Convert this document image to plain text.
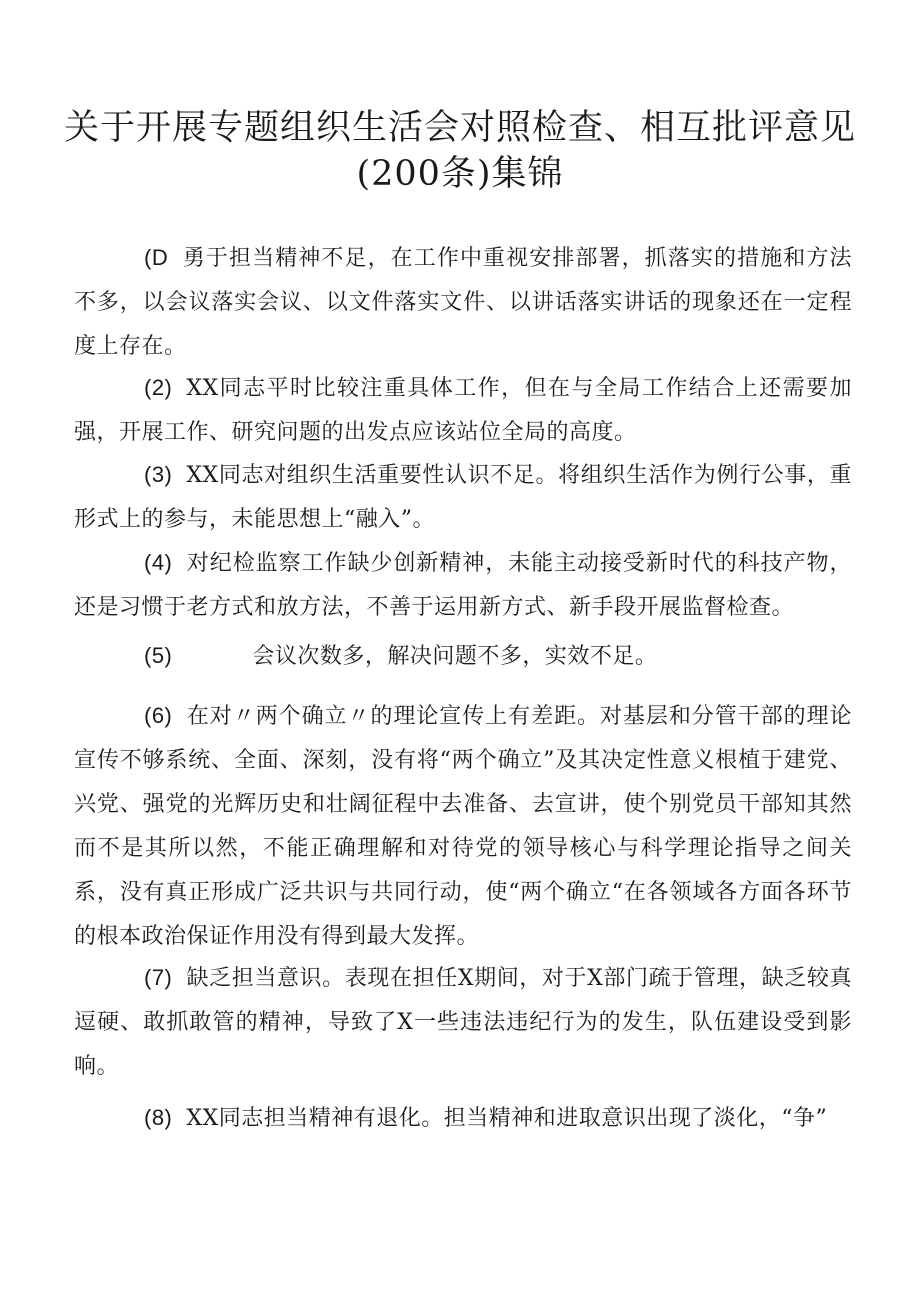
关于开展专题组织生活会对照检查、相互批评意见
(200条)集锦

(D 勇于担当精神不足，在工作中重视安排部署，抓落实的措施和方法不多，以会议落实会议、以文件落实文件、以讲话落实讲话的现象还在一定程度上存在。

(2) XX同志平时比较注重具体工作，但在与全局工作结合上还需要加强，开展工作、研究问题的出发点应该站位全局的高度。

(3) XX同志对组织生活重要性认识不足。将组织生活作为例行公事，重形式上的参与，未能思想上“融入”。

(4) 对纪检监察工作缺少创新精神，未能主动接受新时代的科技产物，还是习惯于老方式和放方法，不善于运用新方式、新手段开展监督检查。

(5)	会议次数多，解决问题不多，实效不足。

(6) 在对〃两个确立〃的理论宣传上有差距。对基层和分管干部的理论宣传不够系统、全面、深刻，没有将“两个确立”及其决定性意义根植于建党、兴党、强党的光辉历史和壮阔征程中去准备、去宣讲，使个别党员干部知其然而不是其所以然，不能正确理解和对待党的领导核心与科学理论指导之间关系，没有真正形成广泛共识与共同行动，使“两个确立“在各领域各方面各环节的根本政治保证作用没有得到最大发挥。

(7) 缺乏担当意识。表现在担任X期间，对于X部门疏于管理，缺乏较真逗硬、敢抓敢管的精神，导致了X一些违法违纪行为的发生，队伍建设受到影响。

(8) XX同志担当精神有退化。担当精神和进取意识出现了淡化，“争”
